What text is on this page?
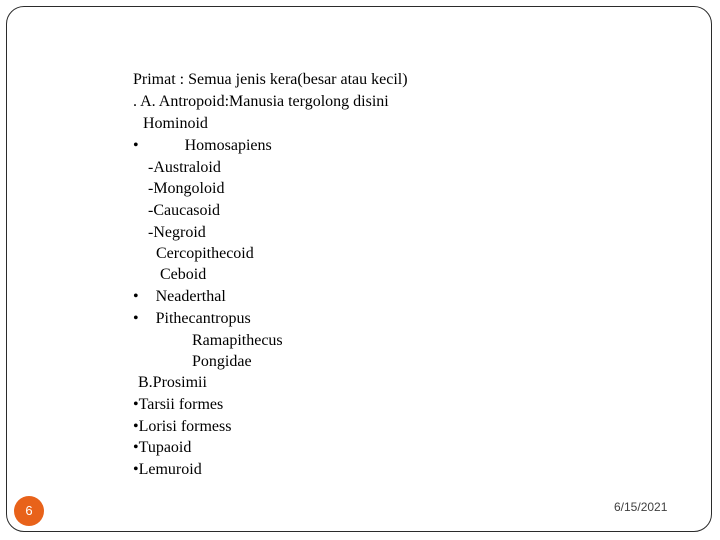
Primat : Semua jenis kera(besar atau kecil)
. A. Antropoid:Manusia tergolong disini
Hominoid
•	Homosapiens
-Australoid
-Mongoloid
-Caucasoid
-Negroid
Cercopithecoid
Ceboid
• Neaderthal
• Pithecantropus
Ramapithecus
Pongidae
B.Prosimii
•Tarsii formes
•Lorisi formess
•Tupaoid
•Lemuroid
6	6/15/2021
